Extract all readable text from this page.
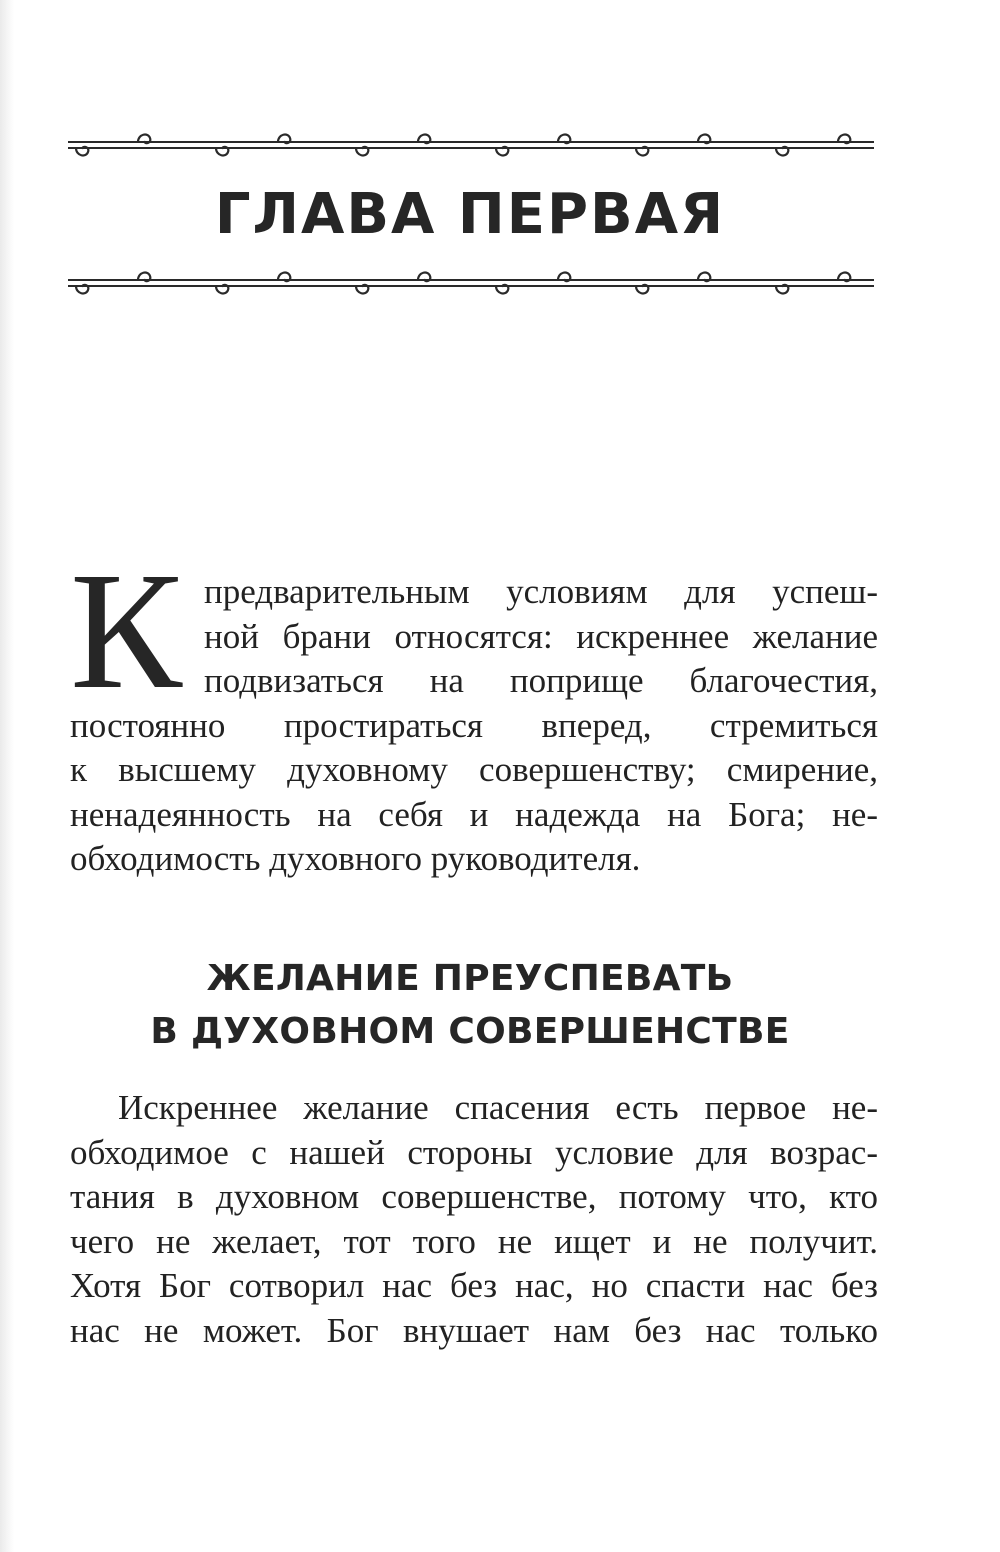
ГЛАВА ПЕРВАЯ
К предварительным условиям для успеш-
ной брани относятся: искреннее желание
подвизаться на поприще благочестия,
постоянно простираться вперед, стремиться
к высшему духовному совершенству; смирение,
ненадеянность на себя и надежда на Бога; не-
обходимость духовного руководителя.
ЖЕЛАНИЕ ПРЕУСПЕВАТЬ
В ДУХОВНОМ СОВЕРШЕНСТВЕ
Искреннее желание спасения есть первое не-
обходимое с нашей стороны условие для возрас-
тания в духовном совершенстве, потому что, кто
чего не желает, тот того не ищет и не получит.
Хотя Бог сотворил нас без нас, но спасти нас без
нас не может. Бог внушает нам без нас только
